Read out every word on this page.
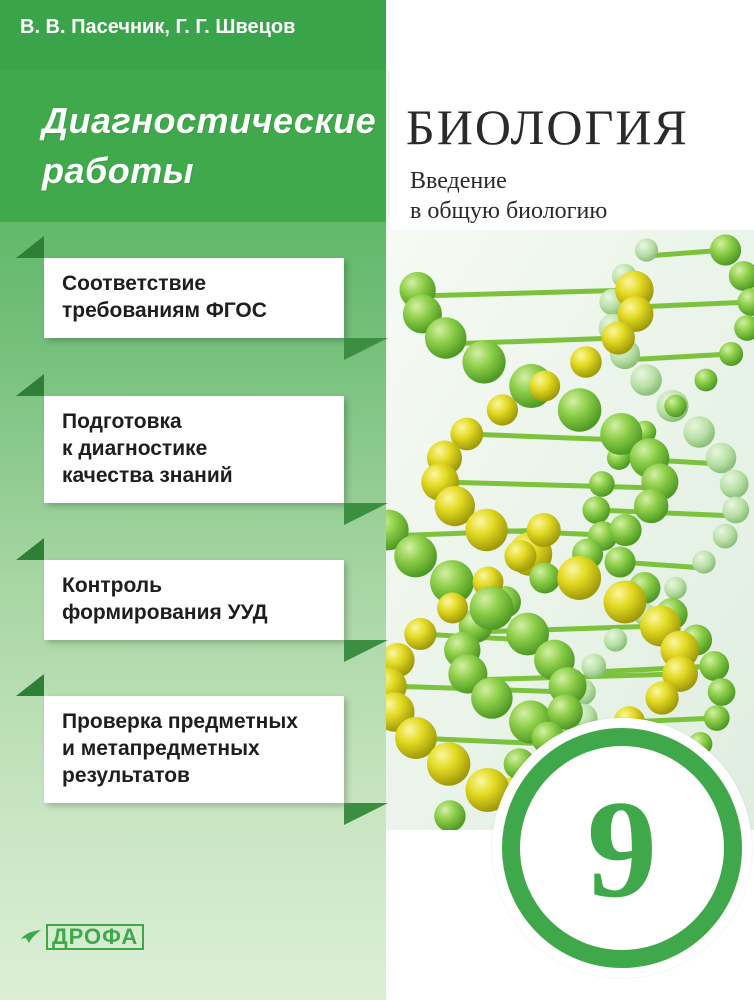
В. В. Пасечник, Г. Г. Швецов
Диагностические
работы
БИОЛОГИЯ
Введение
в общую биологию
Соответствие
требованиям ФГОС
Подготовка
к диагностике
качества знаний
Контроль
формирования УУД
Проверка предметных
и метапредметных
результатов	9
ДРОФА
